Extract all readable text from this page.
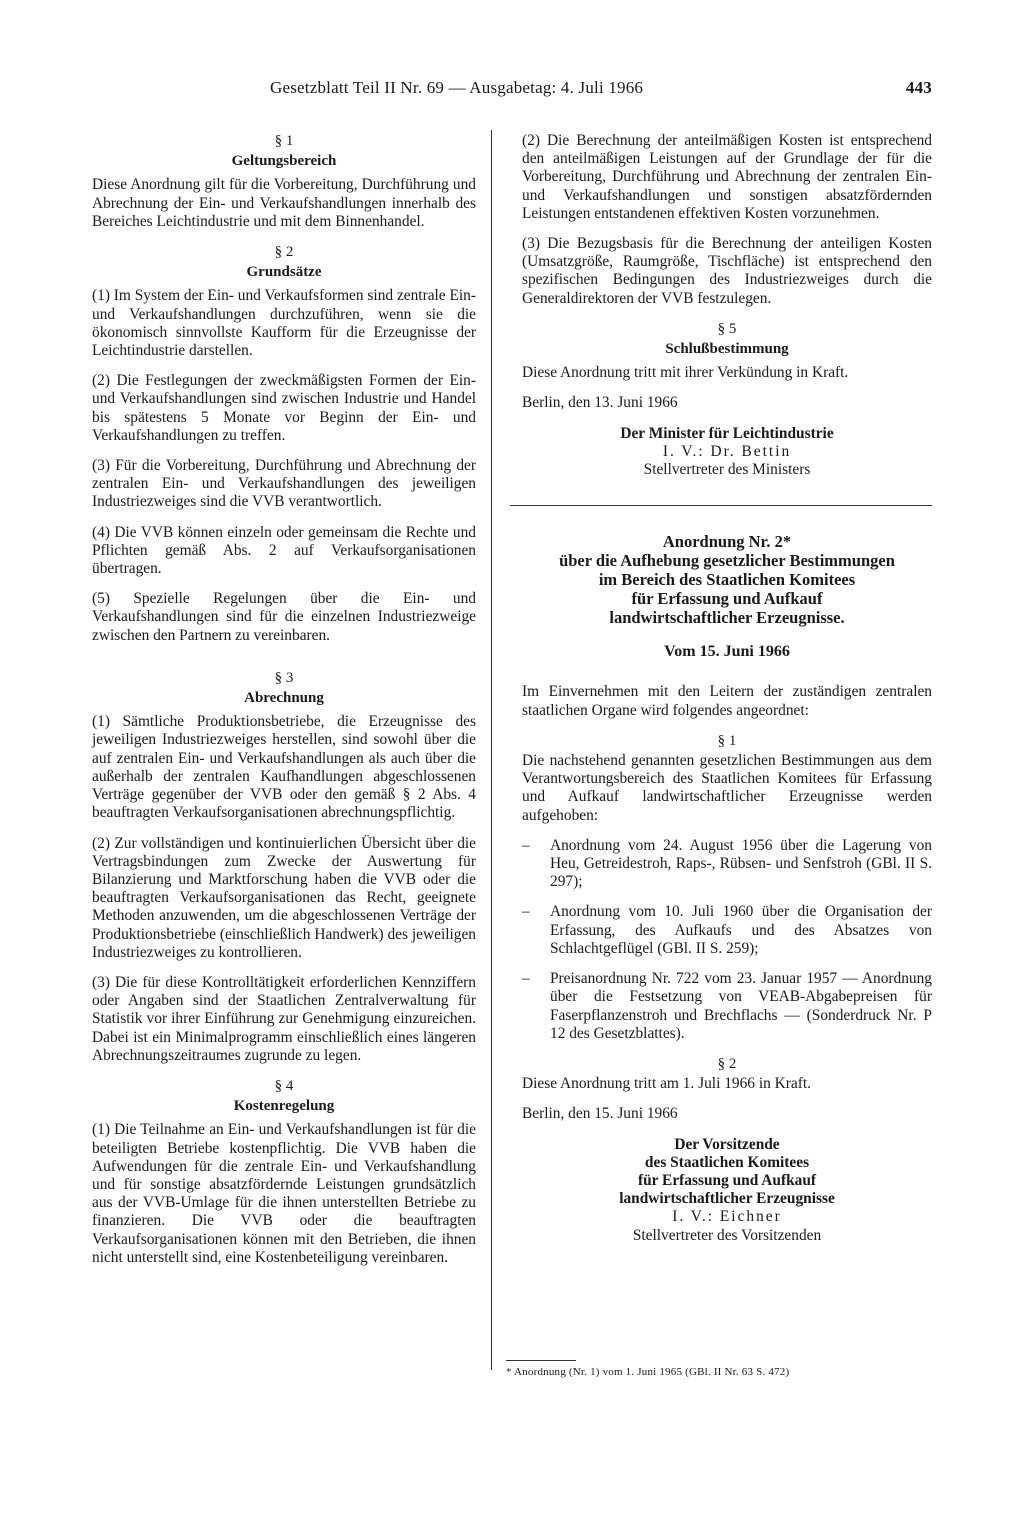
Gesetzblatt Teil II Nr. 69 — Ausgabetag: 4. Juli 1966	443

§ 1

Geltungsbereich

Diese Anordnung gilt für die Vorbereitung, Durchführung und Abrechnung der Ein- und Verkaufshandlungen innerhalb des Bereiches Leichtindustrie und mit dem Binnenhandel.

§ 2

Grundsätze

(1) Im System der Ein- und Verkaufsformen sind zentrale Ein- und Verkaufshandlungen durchzuführen, wenn sie die ökonomisch sinnvollste Kaufform für die Erzeugnisse der Leichtindustrie darstellen.

(2) Die Festlegungen der zweckmäßigsten Formen der Ein- und Verkaufshandlungen sind zwischen Industrie und Handel bis spätestens 5 Monate vor Beginn der Ein- und Verkaufshandlungen zu treffen.

(3) Für die Vorbereitung, Durchführung und Abrechnung der zentralen Ein- und Verkaufshandlungen des jeweiligen Industriezweiges sind die VVB verantwortlich.

(4) Die VVB können einzeln oder gemeinsam die Rechte und Pflichten gemäß Abs. 2 auf Verkaufsorganisationen übertragen.

(5) Spezielle Regelungen über die Ein- und Verkaufshandlungen sind für die einzelnen Industriezweige zwischen den Partnern zu vereinbaren.

§ 3

Abrechnung

(1) Sämtliche Produktionsbetriebe, die Erzeugnisse des jeweiligen Industriezweiges herstellen, sind sowohl über die auf zentralen Ein- und Verkaufshandlungen als auch über die außerhalb der zentralen Kaufhandlungen abgeschlossenen Verträge gegenüber der VVB oder den gemäß § 2 Abs. 4 beauftragten Verkaufsorganisationen abrechnungspflichtig.

(2) Zur vollständigen und kontinuierlichen Übersicht über die Vertragsbindungen zum Zwecke der Auswertung für Bilanzierung und Marktforschung haben die VVB oder die beauftragten Verkaufsorganisationen das Recht, geeignete Methoden anzuwenden, um die abgeschlossenen Verträge der Produktionsbetriebe (einschließlich Handwerk) des jeweiligen Industriezweiges zu kontrollieren.

(3) Die für diese Kontrolltätigkeit erforderlichen Kennziffern oder Angaben sind der Staatlichen Zentralverwaltung für Statistik vor ihrer Einführung zur Genehmigung einzureichen. Dabei ist ein Minimalprogramm einschließlich eines längeren Abrechnungszeitraumes zugrunde zu legen.

§ 4

Kostenregelung

(1) Die Teilnahme an Ein- und Verkaufshandlungen ist für die beteiligten Betriebe kostenpflichtig. Die VVB haben die Aufwendungen für die zentrale Ein- und Verkaufshandlung und für sonstige absatzfördernde Leistungen grundsätzlich aus der VVB-Umlage für die ihnen unterstellten Betriebe zu finanzieren. Die VVB oder die beauftragten Verkaufsorganisationen können mit den Betrieben, die ihnen nicht unterstellt sind, eine Kostenbeteiligung vereinbaren.

(2) Die Berechnung der anteilmäßigen Kosten ist entsprechend den anteilmäßigen Leistungen auf der Grundlage der für die Vorbereitung, Durchführung und Abrechnung der zentralen Ein- und Verkaufshandlungen und sonstigen absatzfördernden Leistungen entstandenen effektiven Kosten vorzunehmen.

(3) Die Bezugsbasis für die Berechnung der anteiligen Kosten (Umsatzgröße, Raumgröße, Tischfläche) ist entsprechend den spezifischen Bedingungen des Industriezweiges durch die Generaldirektoren der VVB festzulegen.

§ 5

Schlußbestimmung

Diese Anordnung tritt mit ihrer Verkündung in Kraft.

Berlin, den 13. Juni 1966

Der Minister für Leichtindustrie

I. V.: Dr. Bettin

Stellvertreter des Ministers

Anordnung Nr. 2*

über die Aufhebung gesetzlicher Bestimmungen

im Bereich des Staatlichen Komitees

für Erfassung und Aufkauf

landwirtschaftlicher Erzeugnisse.

Vom 15. Juni 1966

Im Einvernehmen mit den Leitern der zuständigen zentralen staatlichen Organe wird folgendes angeordnet:

§ 1

Die nachstehend genannten gesetzlichen Bestimmungen aus dem Verantwortungsbereich des Staatlichen Komitees für Erfassung und Aufkauf landwirtschaftlicher Erzeugnisse werden aufgehoben:

– Anordnung vom 24. August 1956 über die Lagerung von Heu, Getreidestroh, Raps-, Rübsen- und Senfstroh (GBl. II S. 297);
– Anordnung vom 10. Juli 1960 über die Organisation der Erfassung, des Aufkaufs und des Absatzes von Schlachtgeflügel (GBl. II S. 259);
– Preisanordnung Nr. 722 vom 23. Januar 1957 — Anordnung über die Festsetzung von VEAB-Abgabepreisen für Faserpflanzenstroh und Brechflachs — (Sonderdruck Nr. P 12 des Gesetzblattes).

§ 2

Diese Anordnung tritt am 1. Juli 1966 in Kraft.

Berlin, den 15. Juni 1966

Der Vorsitzende

des Staatlichen Komitees

für Erfassung und Aufkauf

landwirtschaftlicher Erzeugnisse

I. V.: Eichner

Stellvertreter des Vorsitzenden

* Anordnung (Nr. 1) vom 1. Juni 1965 (GBl. II Nr. 63 S. 472)
